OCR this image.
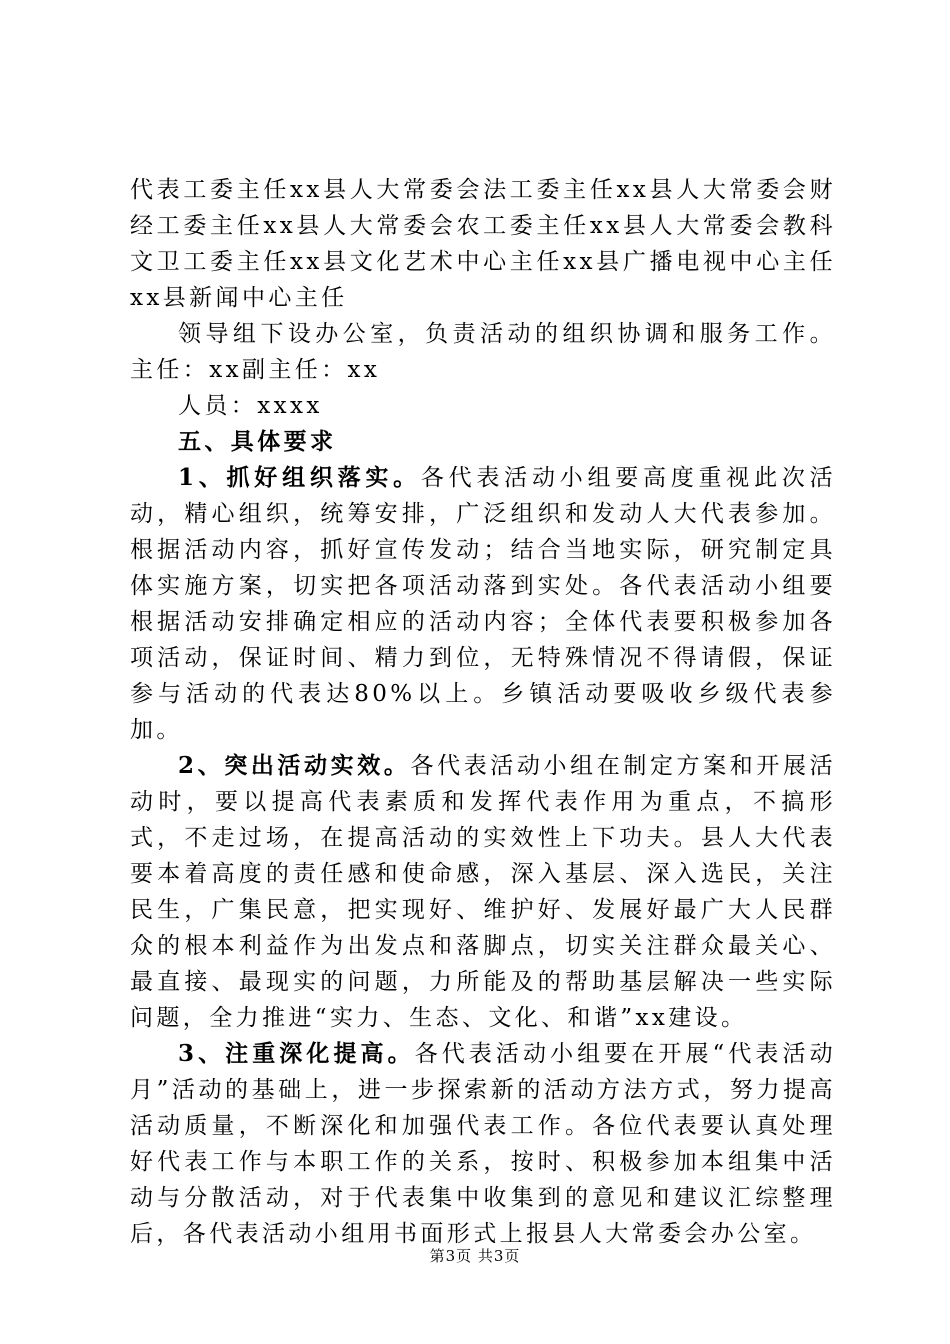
代表工委主任xx县人大常委会法工委主任xx县人大常委会财经工委主任xx县人大常委会农工委主任xx县人大常委会教科文卫工委主任xx县文化艺术中心主任xx县广播电视中心主任xx县新闻中心主任

领导组下设办公室，负责活动的组织协调和服务工作。主任：xx副主任：xx

人员：xxxx

五、具体要求

1、抓好组织落实。各代表活动小组要高度重视此次活动，精心组织，统筹安排，广泛组织和发动人大代表参加。根据活动内容，抓好宣传发动；结合当地实际，研究制定具体实施方案，切实把各项活动落到实处。各代表活动小组要根据活动安排确定相应的活动内容；全体代表要积极参加各项活动，保证时间、精力到位，无特殊情况不得请假，保证参与活动的代表达80%以上。乡镇活动要吸收乡级代表参加。

2、突出活动实效。各代表活动小组在制定方案和开展活动时，要以提高代表素质和发挥代表作用为重点，不搞形式，不走过场，在提高活动的实效性上下功夫。县人大代表要本着高度的责任感和使命感，深入基层、深入选民，关注民生，广集民意，把实现好、维护好、发展好最广大人民群众的根本利益作为出发点和落脚点，切实关注群众最关心、最直接、最现实的问题，力所能及的帮助基层解决一些实际问题，全力推进“实力、生态、文化、和谐”xx建设。

3、注重深化提高。各代表活动小组要在开展“代表活动月”活动的基础上，进一步探索新的活动方法方式，努力提高活动质量，不断深化和加强代表工作。各位代表要认真处理好代表工作与本职工作的关系，按时、积极参加本组集中活动与分散活动，对于代表集中收集到的意见和建议汇综整理后，各代表活动小组用书面形式上报县人大常委会办公室。

第3页 共3页
